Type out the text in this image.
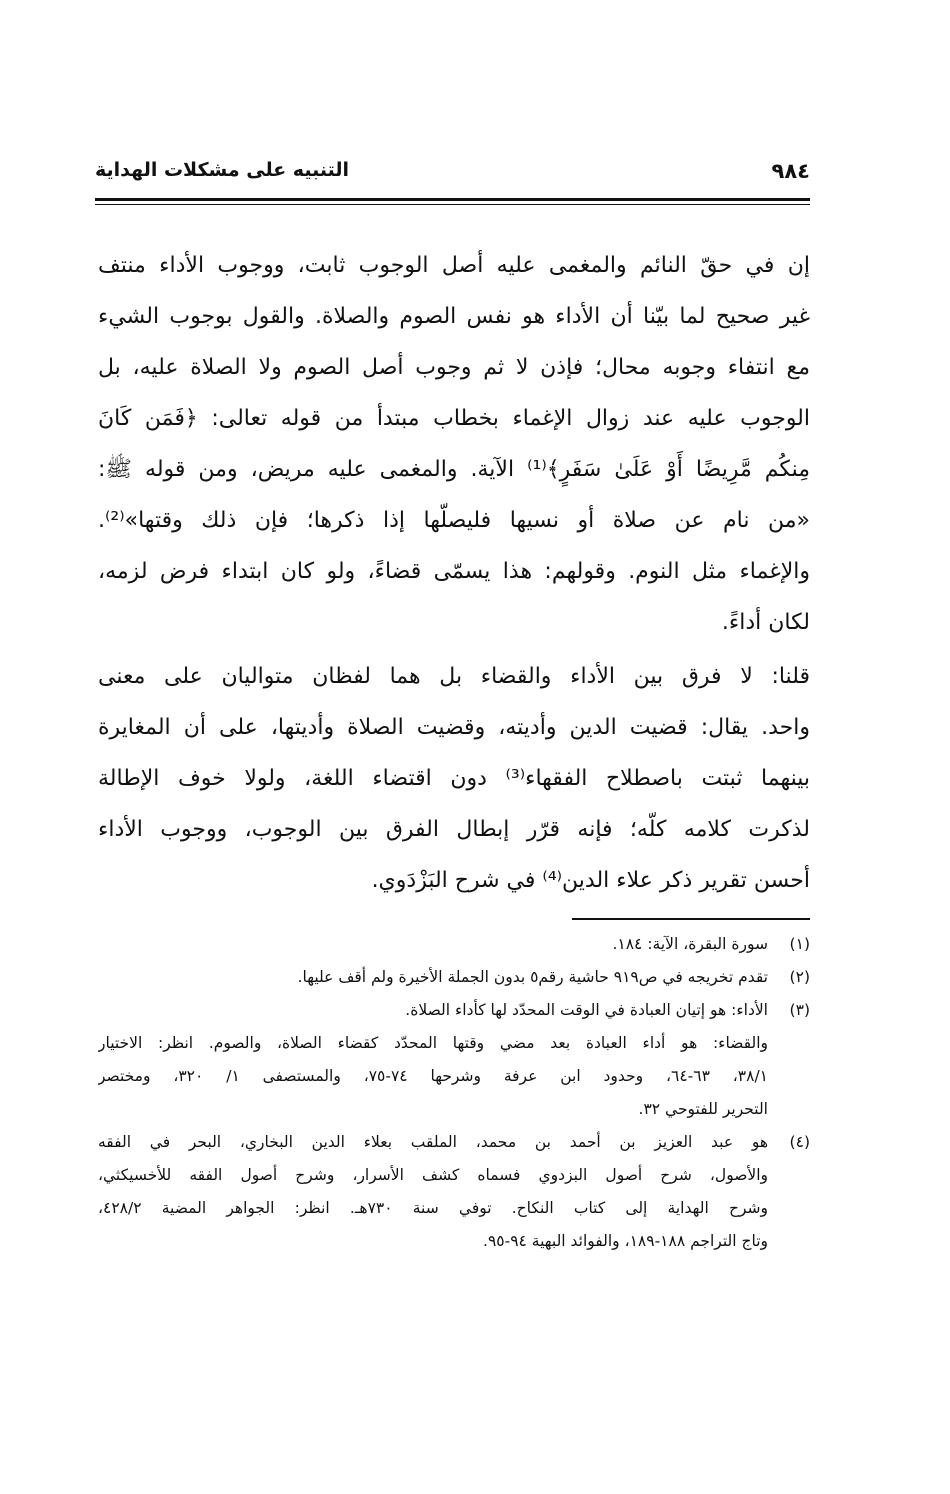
التنبيه على مشكلات الهداية	٩٨٤
إن في حقّ النائم والمغمى عليه أصل الوجوب ثابت، ووجوب الأداء منتف
غير صحيح لما بيّنا أن الأداء هو نفس الصوم والصلاة. والقول بوجوب الشيء
مع انتفاء وجوبه محال؛ فإذن لا ثم وجوب أصل الصوم ولا الصلاة عليه، بل
الوجوب عليه عند زوال الإغماء بخطاب مبتدأ من قوله تعالى: ﴿فَمَن كَانَ
مِنكُم مَّرِيضًا أَوْ عَلَىٰ سَفَرٍ﴾⁽¹⁾ الآية. والمغمى عليه مريض، ومن قوله ﷺ:
«من نام عن صلاة أو نسيها فليصلّها إذا ذكرها؛ فإن ذلك وقتها»⁽²⁾.
والإغماء مثل النوم. وقولهم: هذا يسمّى قضاءً، ولو كان ابتداء فرض لزمه،
لكان أداءً.
قلنا: لا فرق بين الأداء والقضاء بل هما لفظان متواليان على معنى
واحد. يقال: قضيت الدين وأديته، وقضيت الصلاة وأديتها، على أن المغايرة
بينهما ثبتت باصطلاح الفقهاء⁽³⁾ دون اقتضاء اللغة، ولولا خوف الإطالة
لذكرت كلامه كلّه؛ فإنه قرّر إبطال الفرق بين الوجوب، ووجوب الأداء
أحسن تقرير ذكر علاء الدين⁽⁴⁾ في شرح البَزْدَوي.
(١)
سورة البقرة، الآية: ١٨٤.
(٢)
تقدم تخريجه في ص٩١٩ حاشية رقم٥ بدون الجملة الأخيرة ولم أقف عليها.
(٣)
الأداء: هو إتيان العبادة في الوقت المحدّد لها كأداء الصلاة.
والقضاء: هو أداء العبادة بعد مضي وقتها المحدّد كقضاء الصلاة، والصوم. انظر: الاختيار
٣٨/١، ٦٣-٦٤، وحدود ابن عرفة وشرحها ٧٤-٧٥، والمستصفى ١/ ٣٢٠، ومختصر
التحرير للفتوحي ٣٢.
(٤)
هو عبد العزيز بن أحمد بن محمد، الملقب بعلاء الدين البخاري، البحر في الفقه
والأصول، شرح أصول البزدوي فسماه كشف الأسرار، وشرح أصول الفقه للأخسيكثي،
وشرح الهداية إلى كتاب النكاح. توفي سنة ٧٣٠هـ. انظر: الجواهر المضية ٤٢٨/٢،
وتاج التراجم ١٨٨-١٨٩، والفوائد البهية ٩٤-٩٥.
